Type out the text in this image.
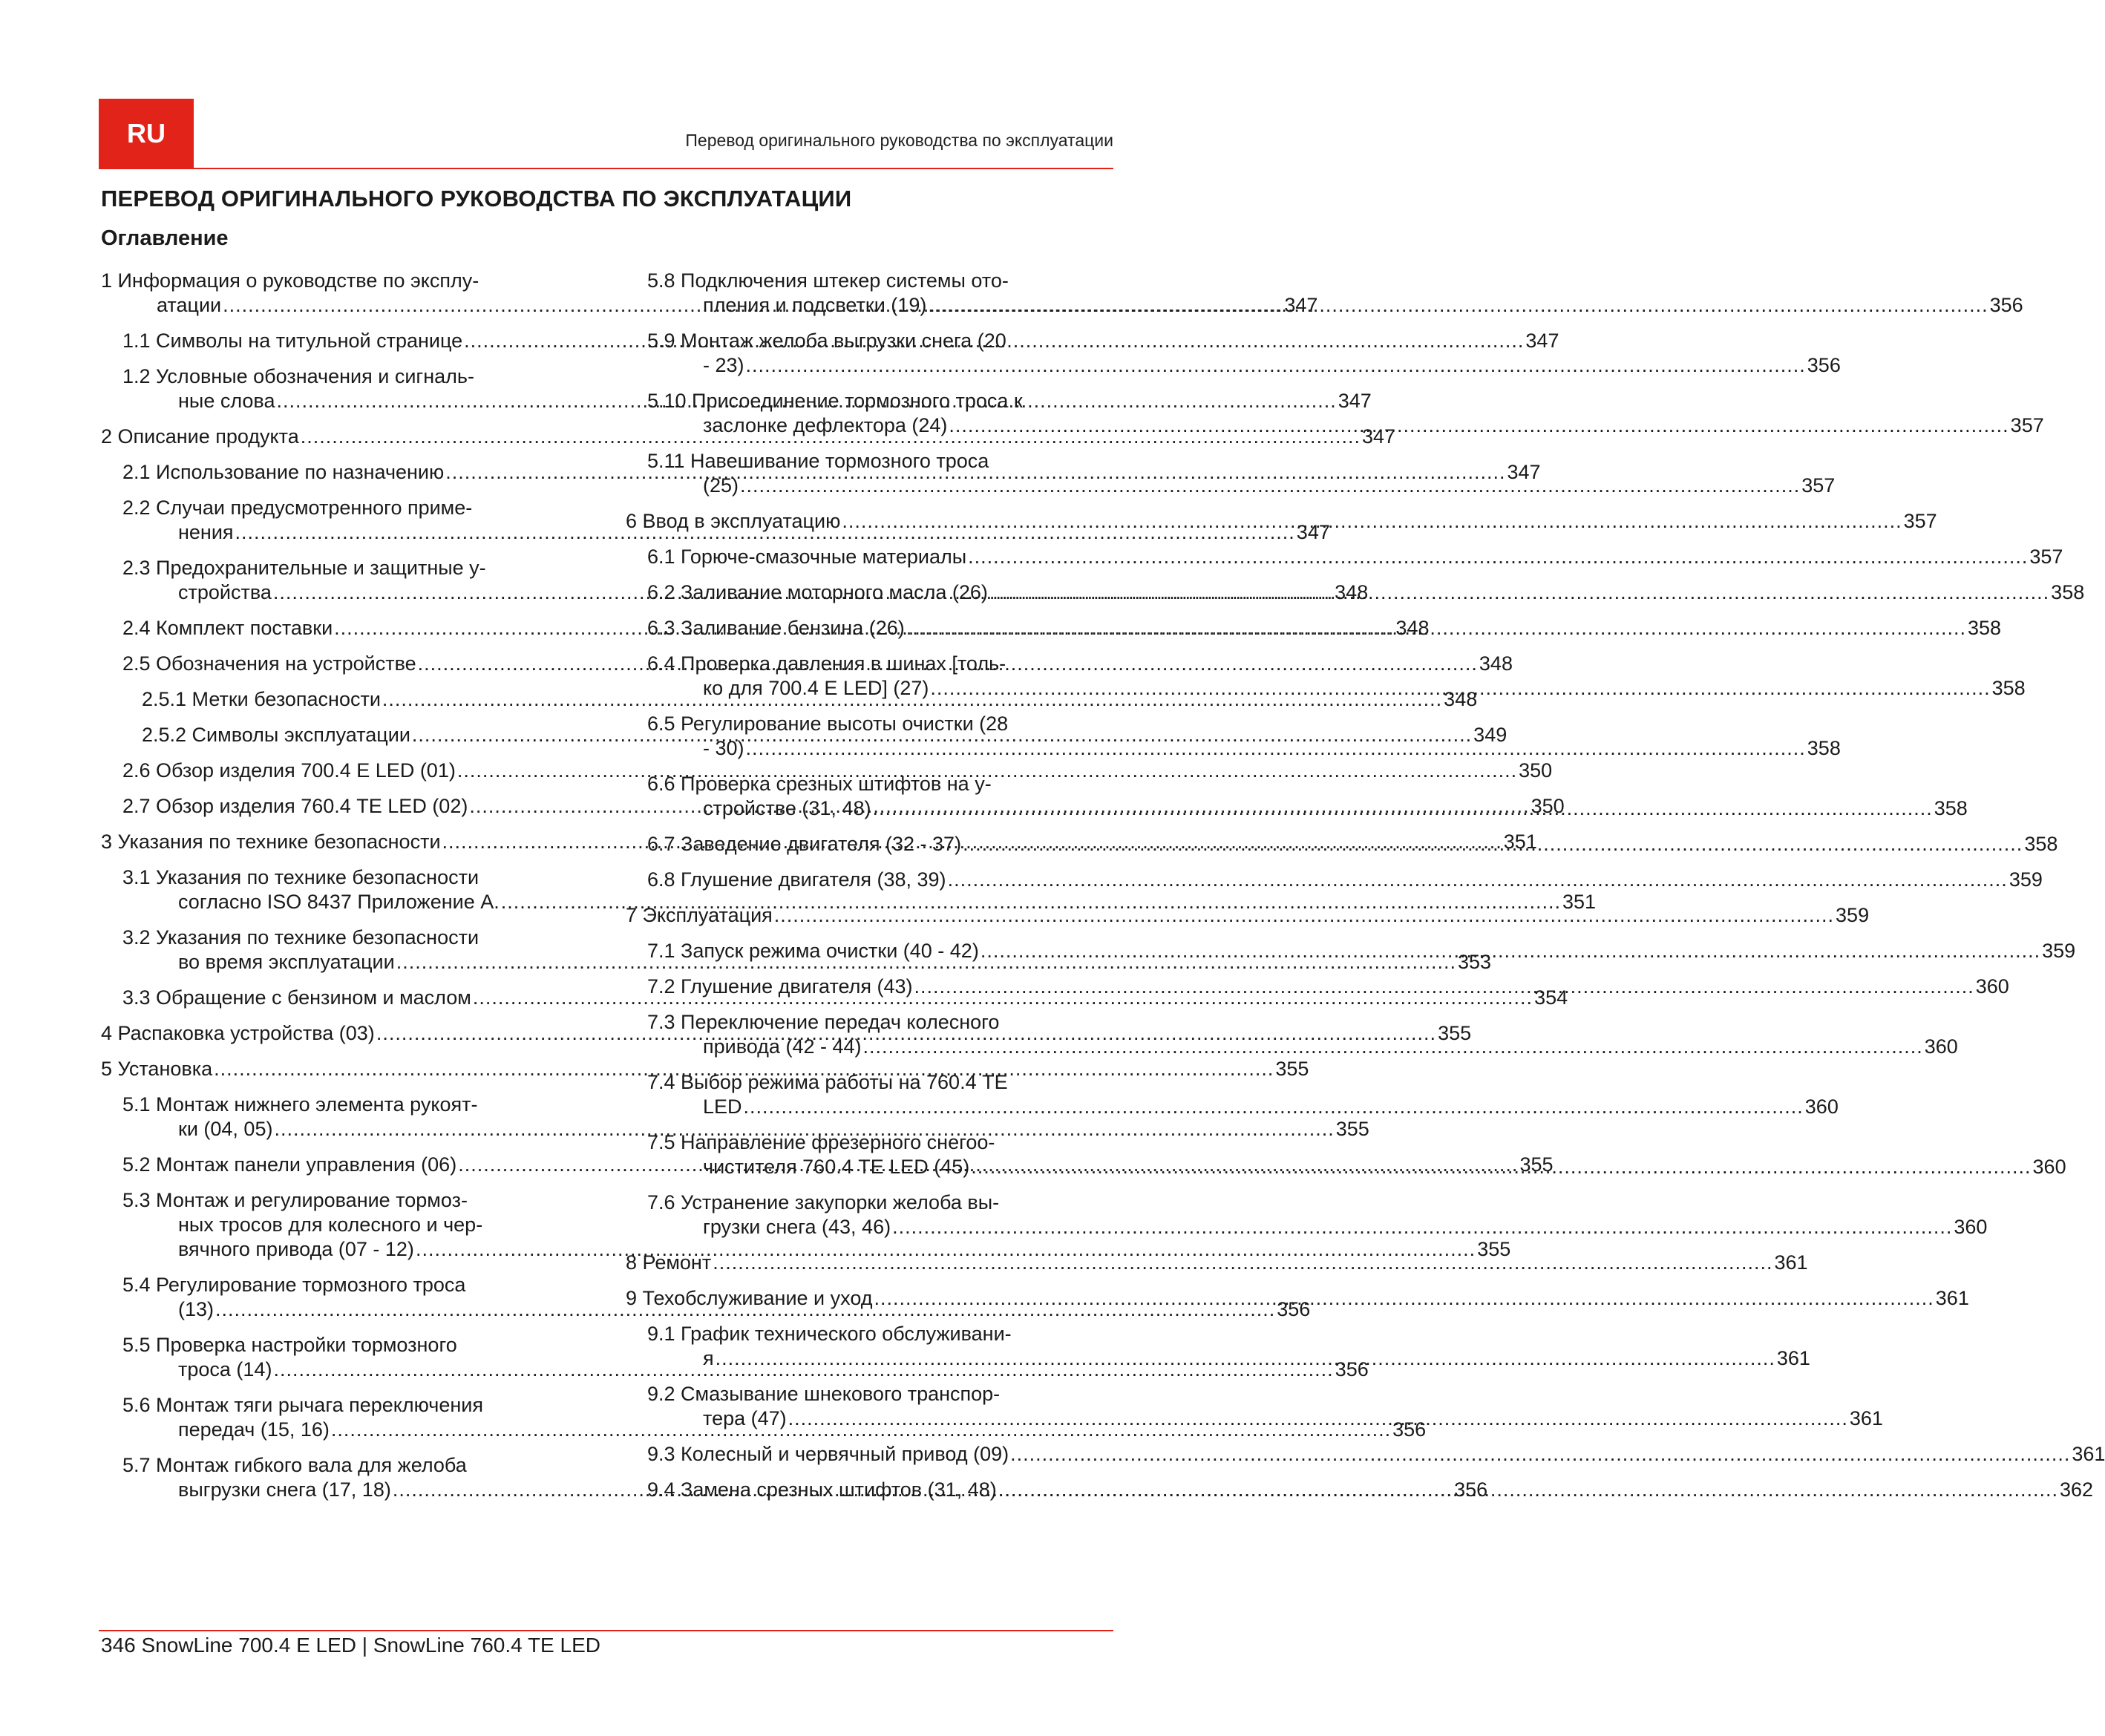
RU	Перевод оригинального руководства по эксплуатации
ПЕРЕВОД ОРИГИНАЛЬНОГО РУКОВОДСТВА ПО ЭКСПЛУАТАЦИИ
Оглавление
1 Информация о руководстве по эксплу-
атации .....	347
1.1 Символы на титульной странице .....	347
1.2 Условные обозначения и сигналь-
ные слова .....	347
2 Описание продукта .....	347
2.1 Использование по назначению .....	347
2.2 Случаи предусмотренного приме-
нения .....	347
2.3 Предохранительные и защитные у-
стройства .....	348
2.4 Комплект поставки .....	348
2.5 Обозначения на устройстве .....	348
2.5.1 Метки безопасности .....	348
2.5.2 Символы эксплуатации .....	349
2.6 Обзор изделия 700.4 E LED (01) .....	350
2.7 Обзор изделия 760.4 TE LED (02) .....	350
3 Указания по технике безопасности .....	351
3.1 Указания по технике безопасности
согласно ISO 8437 Приложение А. .....	351
3.2 Указания по технике безопасности
во время эксплуатации .....	353
3.3 Обращение с бензином и маслом .....	354
4 Распаковка устройства (03) .....	355
5 Установка .....	355
5.1 Монтаж нижнего элемента рукоят-
ки (04, 05) .....	355
5.2 Монтаж панели управления (06) .....	355
5.3 Монтаж и регулирование тормоз-
ных тросов для колесного и чер-
вячного привода (07 - 12) .....	355
5.4 Регулирование тормозного троса
(13) .....	356
5.5 Проверка настройки тормозного
троса (14) .....	356
5.6 Монтаж тяги рычага переключения
передач (15, 16) .....	356
5.7 Монтаж гибкого вала для желоба
выгрузки снега (17, 18) .....	356
5.8 Подключения штекер системы ото-
пления и подсветки (19) .....	356
5.9 Монтаж желоба выгрузки снега (20
- 23) .....	356
5.10 Присоединение тормозного троса к
заслонке дефлектора (24) .....	357
5.11 Навешивание тормозного троса
(25) .....	357
6 Ввод в эксплуатацию .....	357
6.1 Горюче-смазочные материалы .....	357
6.2 Заливание моторного масла (26) .....	358
6.3 Заливание бензина (26) .....	358
6.4 Проверка давления в шинах [толь-
ко для 700.4 E LED] (27) .....	358
6.5 Регулирование высоты очистки (28
- 30) .....	358
6.6 Проверка срезных штифтов на у-
стройстве (31, 48) .....	358
6.7 Заведение двигателя (32 - 37) .....	358
6.8 Глушение двигателя (38, 39) .....	359
7 Эксплуатация .....	359
7.1 Запуск режима очистки (40 - 42) .....	359
7.2 Глушение двигателя (43) .....	360
7.3 Переключение передач колесного
привода (42 - 44) .....	360
7.4 Выбор режима работы на 760.4 TE
LED .....	360
7.5 Направление фрезерного снегоо-
чистителя 760.4 TE LED (45) .....	360
7.6 Устранение закупорки желоба вы-
грузки снега (43, 46) .....	360
8 Ремонт .....	361
9 Техобслуживание и уход .....	361
9.1 График технического обслуживани-
я .....	361
9.2 Смазывание шнекового транспор-
тера (47) .....	361
9.3 Колесный и червячный привод (09) .....	361
9.4 Замена срезных штифтов (31, 48) .....	362
346 SnowLine 700.4 E LED | SnowLine 760.4 TE LED
